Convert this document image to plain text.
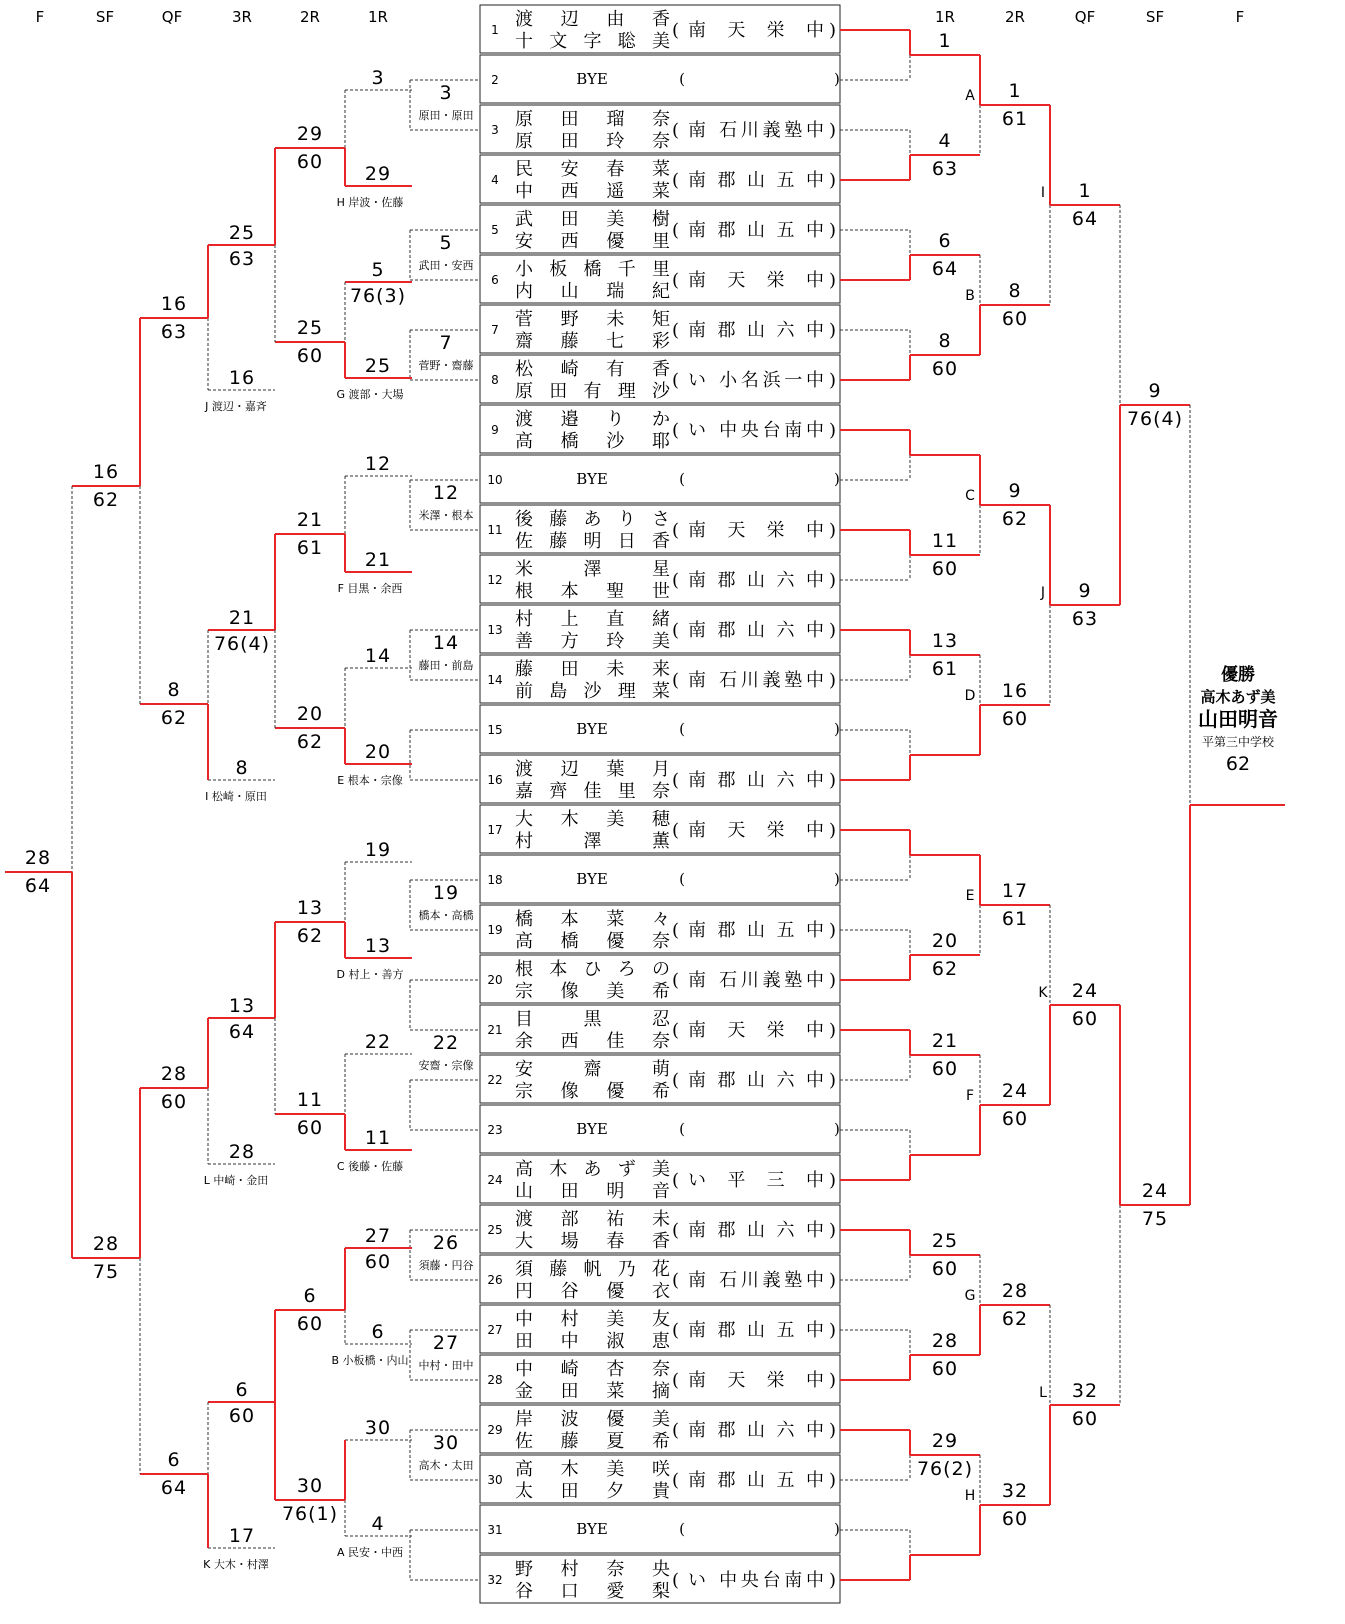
F	SF	QF	3R	2R	1R	1R	2R	QF	SF	F
1 渡 辺 由 香
十文字聡美
( 南 天 栄 中 )
2	BYE	(	)
3 原 田 瑠 奈
原 田 玲 奈
( 南 石川義塾中 )
4 民 安 春 菜
中 西 遥 菜
( 南 郡 山 五 中 )
5 武 田 美 樹
安 西 優 里
( 南 郡 山 五 中 )
6 小板橋千里
内 山 瑞 紀
( 南 天 栄 中 )
7 菅 野 未 矩
齋 藤 七 彩
( 南 郡 山 六 中 )
8 松 崎 有 香
原田有理沙
( い 小名浜一中 )
9 渡 邉 り か
高 橋 沙 耶
( い 中央台南中 )
10	BYE	(	)
11 後 藤 あ り さ
佐 藤 明 日 香
( 南 天 栄 中 )
12 米 澤 星
根 本 聖 世
( 南 郡 山 六 中 )
13 村 上 直 緒
善 方 玲 美
( 南 郡 山 六 中 )
14 藤 田 未 来
前島沙理菜
( 南 石川義塾中 )
15	BYE	(	)
16 渡 辺 葉 月
嘉齊佳里奈
( 南 郡 山 六 中 )
17 大 木 美 穂
村 澤 薫
( 南 天 栄 中 )
18	BYE	(	)
19 橋 本 菜 々
高 橋 優 奈
( 南 郡 山 五 中 )
20 根本ひろの
宗 像 美 希
( 南 石川義塾中 )
21 目 黒 忍
余 西 佳 奈
( 南 天 栄 中 )
22 安 齋 萌
宗 像 優 希
( 南 郡 山 六 中 )
23	BYE	(	)
24 高木あず美
山 田 明 音
( い 平 三 中 )
25 渡 部 祐 未
大 場 春 香
( 南 郡 山 六 中 )
26 須藤帆乃花
円 谷 優 衣
( 南 石川義塾中 )
27 中 村 美 友
田 中 淑 恵
( 南 郡 山 五 中 )
28 中 崎 杏 奈
金 田 菜 摘
( 南 天 栄 中 )
29 岸 波 優 美
佐 藤 夏 希
( 南 郡 山 六 中 )
30 高 木 美 咲
太 田 夕 貴
( 南 郡 山 五 中 )
31	BYE	(	)
32 野 村 奈 央
谷 口 愛 梨
( い 中央台南中 )
1
4
63
6
64
8
60
11
60
13
61
20
62
21
60
25
60
28
60
29
76(2)
A 1
61
B 8
60
C 9
62
D 16
60
E 17
61
F 24
60
G 28
62
H 32
60
I 1
64
J 9
63
K 24
60
L 32
60
9
76(4)
24
75
優勝
高木あず美
山田明音
平第三中学校
62
3
原田・原田
5
武田・安西
7
菅野・齋藤
12
米澤・根本
14
藤田・前島
19
橋本・高橋
22
安齋・宗像
26
須藤・円谷
27
中村・田中
30
高木・太田
3
29
H 岸波・佐藤
5
76(3)
25
G 渡部・大場
12
21
F 目黒・余西
14
20
E 根本・宗像
19
13
D 村上・善方
22
11
C 後藤・佐藤
27
60
6
B 小板橋・内山
30
4
A 民安・中西
29
60
25
60
21
61
20
62
13
62
11
60
6
60
30
76(1)
25
63
16
J 渡辺・嘉斉
21
76(4)
8
I 松崎・原田
13
64
28
L 中崎・金田
6
60
17
K 大木・村澤
16
63
8
62
28
60
6
64
16
62
28
75
28
64
